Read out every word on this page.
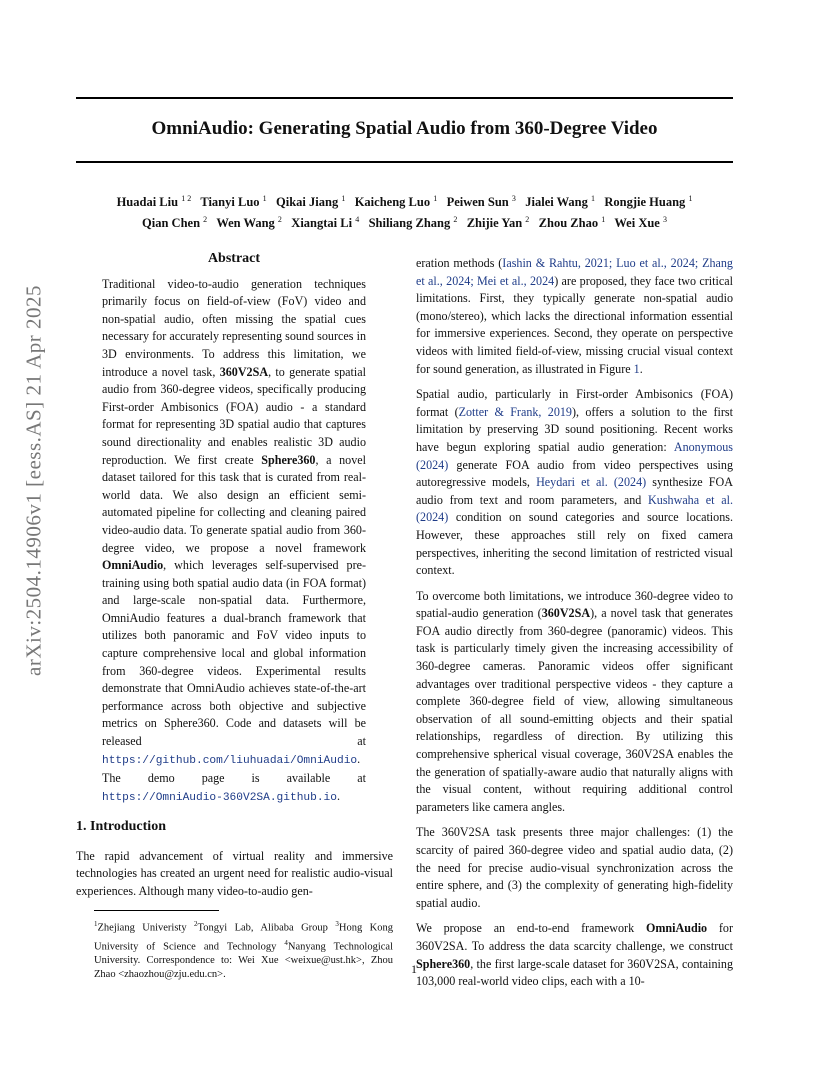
OmniAudio: Generating Spatial Audio from 360-Degree Video
Huadai Liu $^{1 2}$  Tianyi Luo $^1$  Qikai Jiang $^1$  Kaicheng Luo $^1$  Peiwen Sun $^3$  Jialei Wang $^1$  Rongjie Huang $^1$
Qian Chen $^2$  Wen Wang $^2$  Xiangtai Li $^4$  Shiliang Zhang $^2$  Zhijie Yan $^2$  Zhou Zhao $^1$  Wei Xue $^3$
arXiv:2504.14906v1 [eess.AS] 21 Apr 2025
Abstract

Traditional video-to-audio generation techniques primarily focus on field-of-view (FoV) video and non-spatial audio, often missing the spatial cues necessary for accurately representing sound sources in 3D environments. To address this limitation, we introduce a novel task, 360V2SA, to generate spatial audio from 360-degree videos, specifically producing First-order Ambisonics (FOA) audio - a standard format for representing 3D spatial audio that captures sound directionality and enables realistic 3D audio reproduction. We first create Sphere360, a novel dataset tailored for this task that is curated from real-world data. We also design an efficient semi-automated pipeline for collecting and cleaning paired video-audio data. To generate spatial audio from 360-degree video, we propose a novel framework OmniAudio, which leverages self-supervised pre-training using both spatial audio data (in FOA format) and large-scale non-spatial data. Furthermore, OmniAudio features a dual-branch framework that utilizes both panoramic and FoV video inputs to capture comprehensive local and global information from 360-degree videos. Experimental results demonstrate that OmniAudio achieves state-of-the-art performance across both objective and subjective metrics on Sphere360. Code and datasets will be released at https://github.com/liuhuadai/OmniAudio. The demo page is available at https://OmniAudio-360V2SA.github.io.

1. Introduction

The rapid advancement of virtual reality and immersive technologies has created an urgent need for realistic audio-visual experiences. Although many video-to-audio gen-

$^1$Zhejiang Univeristy $^2$Tongyi Lab, Alibaba Group $^3$Hong Kong University of Science and Technology $^4$Nanyang Technological University. Correspondence to: Wei Xue <weixue@ust.hk>, Zhou Zhao <zhaozhou@zju.edu.cn>.

eration methods (Iashin & Rahtu, 2021; Luo et al., 2024; Zhang et al., 2024; Mei et al., 2024) are proposed, they face two critical limitations. First, they typically generate non-spatial audio (mono/stereo), which lacks the directional information essential for immersive experiences. Second, they operate on perspective videos with limited field-of-view, missing crucial visual context for sound generation, as illustrated in Figure 1.

Spatial audio, particularly in First-order Ambisonics (FOA) format (Zotter & Frank, 2019), offers a solution to the first limitation by preserving 3D sound positioning. Recent works have begun exploring spatial audio generation: Anonymous (2024) generate FOA audio from video perspectives using autoregressive models, Heydari et al. (2024) synthesize FOA audio from text and room parameters, and Kushwaha et al. (2024) condition on sound categories and source locations. However, these approaches still rely on fixed camera perspectives, inheriting the second limitation of restricted visual context.

To overcome both limitations, we introduce 360-degree video to spatial-audio generation (360V2SA), a novel task that generates FOA audio directly from 360-degree (panoramic) videos. This task is particularly timely given the increasing accessibility of 360-degree cameras. Panoramic videos offer significant advantages over traditional perspective videos - they capture a complete 360-degree field of view, allowing simultaneous observation of all sound-emitting objects and their spatial relationships, regardless of direction. By utilizing this comprehensive spherical visual coverage, 360V2SA enables the the generation of spatially-aware audio that naturally aligns with the visual content, without requiring additional control parameters like camera angles.

The 360V2SA task presents three major challenges: (1) the scarcity of paired 360-degree video and spatial audio data, (2) the need for precise audio-visual synchronization across the entire sphere, and (3) the complexity of generating high-fidelity spatial audio.

We propose an end-to-end framework OmniAudio for 360V2SA. To address the data scarcity challenge, we construct Sphere360, the first large-scale dataset for 360V2SA, containing 103,000 real-world video clips, each with a 10-

1
